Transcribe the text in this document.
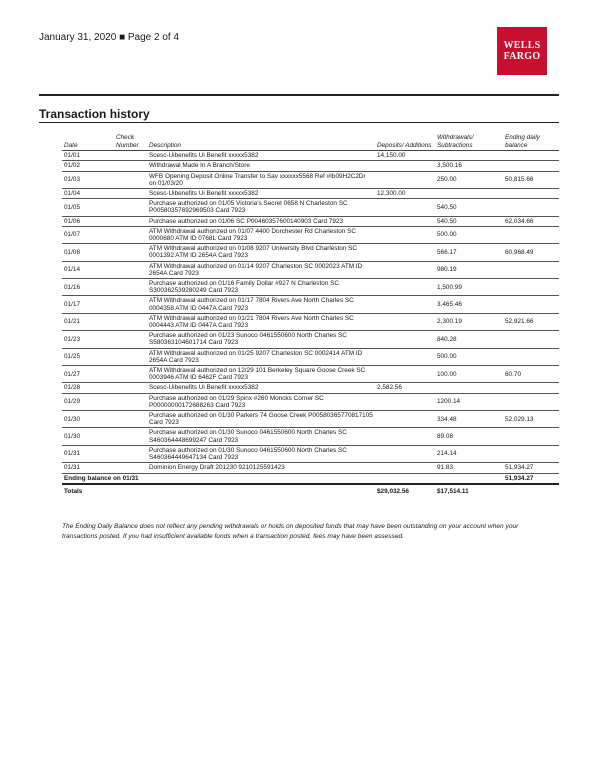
January 31, 2020 ■ Page 2 of 4
WELLS
FARGO
Transaction history
Date	Check Number	Description	Deposits/ Additions	Withdrawals/ Subtractions	Ending daily balance
01/01		Scesc-Uibenefits Ui Benefit xxxxx5382	14,150.00		
01/02		Withdrawal Made In A Branch/Store		3,500.16	
01/03		WFB Opening Deposit Online Transfer to Sav xxxxxx5568 Ref #Ib09H2C2Dr on 01/03/20		250.00	50,815.66
01/04		Scesc-Uibenefits Ui Benefit xxxxx5382	12,300.00		
01/05		Purchase authorized on 01/05 Victoria's Secret 0658 N Charleston SC P00580357692969503 Card 7923		540.50	
01/06		Purchase authorized on 01/06 SC P00460357600140903 Card 7923		540.50	62,034.66
01/07		ATM Withdrawal authorized on 01/07 4400 Dorchester Rd Charleston SC 0000680 ATM ID 0768L Card 7923		500.00	
01/08		ATM Withdrawal authorized on 01/08 9207 University Blvd Charleston SC 0001392 ATM ID 2654A Card 7923		566.17	60,968.49
01/14		ATM Withdrawal authorized on 01/14 9207 Charleston SC 0002023 ATM ID 2654A Card 7923		980.19	
01/16		Purchase authorized on 01/16 Family Dollar #927 N Charleston SC S300362539280249 Card 7923		1,500.99	
01/17		ATM Withdrawal authorized on 01/17 7804 Rivers Ave North Charles SC 0004358 ATM ID 0447A Card 7923		3,465.46	
01/21		ATM Withdrawal authorized on 01/21 7804 Rivers Ave North Charles SC 0004443 ATM ID 0447A Card 7923		2,300.19	52,921.66
01/23		Purchase authorized on 01/23 Sunoco 0461550600 North Charles SC S580363104601714 Card 7923		840.28	
01/25		ATM Withdrawal authorized on 01/25 9207 Charleston SC 0002414 ATM ID 2654A Card 7923		500.00	
01/27		ATM Withdrawal authorized on 12/29 101 Berkeley Square Goose Creek SC 0003946 ATM ID 6462F Card 7923		100.00	60.70
01/28		Scesc-Uibenefits Ui Benefit xxxxx5382	2,582.56		
01/29		Purchase authorized on 01/29 Spinx #260 Moncks Corner SC P00000000172688263 Card 7923		1200.14	
01/30		Purchase authorized on 01/30 Parkers 74 Goose Creek P00580365770817105 Card 7923		334.48	52,029.13
01/30		Purchase authorized on 01/30 Sunoco 0461550600 North Charles SC S460364448699247 Card 7923		89.08	
01/31		Purchase authorized on 01/30 Sunoco 0461550600 North Charles SC S460364449647134 Card 7923		214.14	
01/31		Dominion Energy Draft 201230 9210125591423		91.83	51,934.27
Ending balance on 01/31					51,934.27
Totals			$29,032.56	$17,514.11	
The Ending Daily Balance does not reflect any pending withdrawals or holds on deposited funds that may have been outstanding on your account when your transactions posted. If you had insufficient available funds when a transaction posted, fees may have been assessed.
